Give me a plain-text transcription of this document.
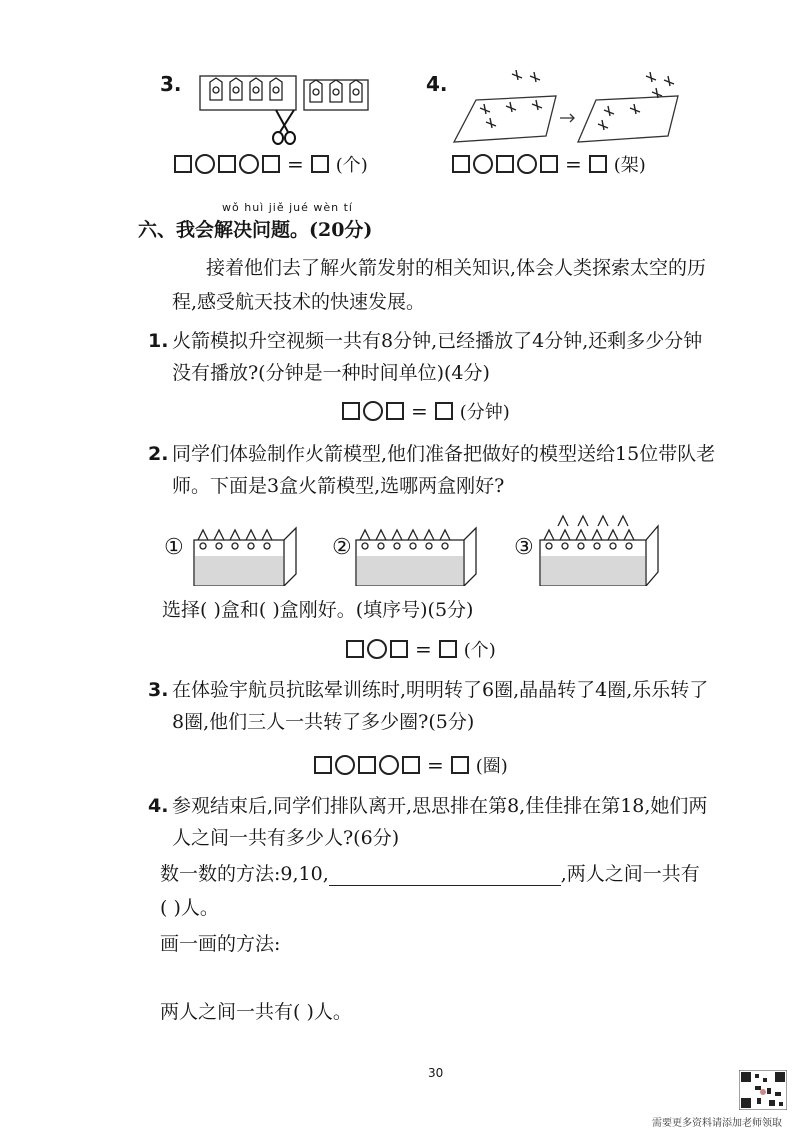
3.
= (个)
4.
= (架)
wǒ huì jiě jué wèn tí
六、我会解决问题。(20分)
接着他们去了解火箭发射的相关知识,体会人类探索太空的历
程,感受航天技术的快速发展。
1. 火箭模拟升空视频一共有8分钟,已经播放了4分钟,还剩多少分钟
没有播放?(分钟是一种时间单位)(4分)
= (分钟)
2. 同学们体验制作火箭模型,他们准备把做好的模型送给15位带队老
师。下面是3盒火箭模型,选哪两盒刚好?
①	②	③
选择( )盒和( )盒刚好。(填序号)(5分)
= (个)
3. 在体验宇航员抗眩晕训练时,明明转了6圈,晶晶转了4圈,乐乐转了
8圈,他们三人一共转了多少圈?(5分)
= (圈)
4. 参观结束后,同学们排队离开,思思排在第8,佳佳排在第18,她们两
人之间一共有多少人?(6分)
数一数的方法:9,10,	,两人之间一共有
( )人。
画一画的方法:
两人之间一共有( )人。
30
需要更多资料请添加老师领取
